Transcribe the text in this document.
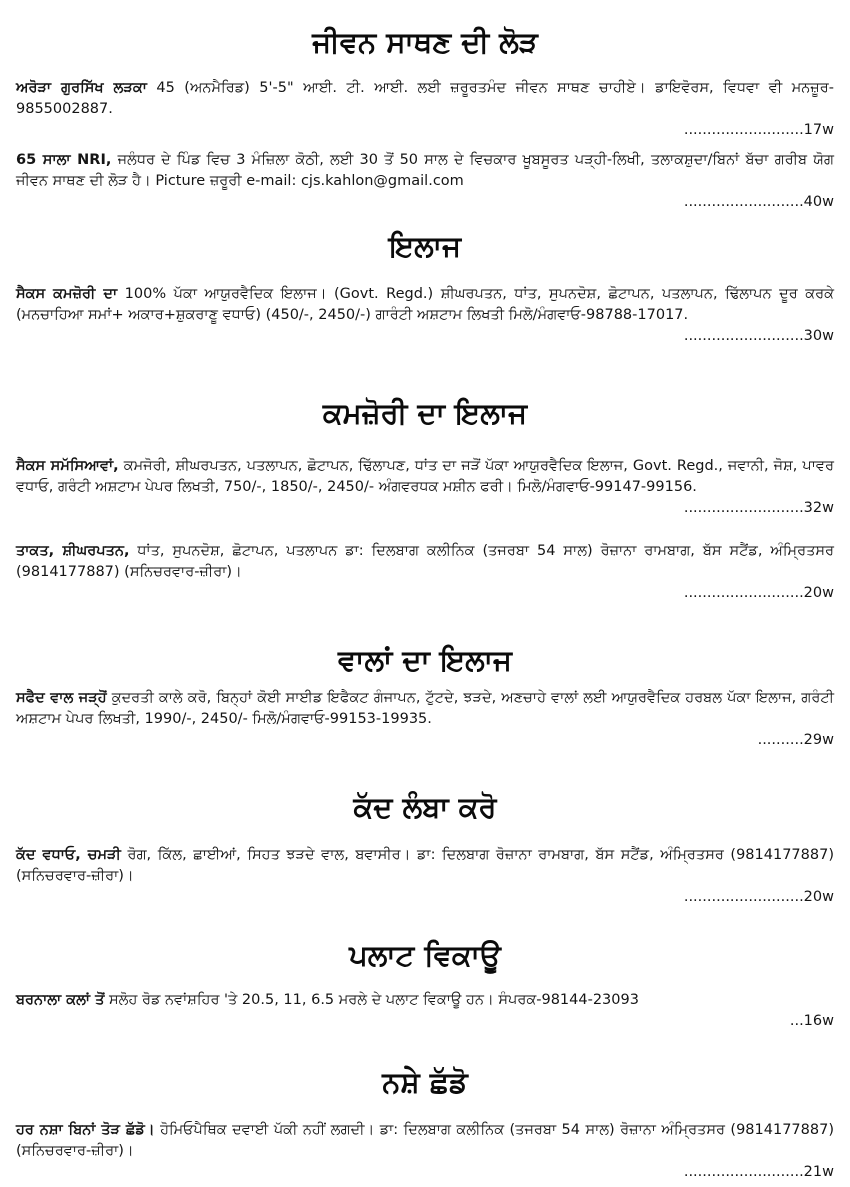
ਜੀਵਨ ਸਾਥਣ ਦੀ ਲੋੜ
ਅਰੋੜਾ ਗੁਰਸਿੱਖ ਲੜਕਾ 45 (ਅਨਮੈਰਿਡ) 5'-5" ਆਈ. ਟੀ. ਆਈ. ਲਈ ਜ਼ਰੂਰਤਮੰਦ ਜੀਵਨ ਸਾਥਣ ਚਾਹੀਏ। ਡਾਇਵੋਰਸ, ਵਿਧਵਾ ਵੀ ਮਨਜ਼ੂਰ- 9855002887.
..........................17w
65 ਸਾਲਾ NRI, ਜਲੰਧਰ ਦੇ ਪਿੰਡ ਵਿਚ 3 ਮੰਜ਼ਿਲਾ ਕੋਠੀ, ਲਈ 30 ਤੋਂ 50 ਸਾਲ ਦੇ ਵਿਚਕਾਰ ਖੂਬਸੂਰਤ ਪੜ੍ਹੀ-ਲਿਖੀ, ਤਲਾਕਸ਼ੁਦਾ/ਬਿਨਾਂ ਬੱਚਾ ਗਰੀਬ ਯੋਗ ਜੀਵਨ ਸਾਥਣ ਦੀ ਲੋੜ ਹੈ। Picture ਜ਼ਰੂਰੀ e-mail: cjs.kahlon@gmail.com
..........................40w
ਇਲਾਜ
ਸੈਕਸ ਕਮਜ਼ੋਰੀ ਦਾ 100% ਪੱਕਾ ਆਯੁਰਵੈਦਿਕ ਇਲਾਜ। (Govt. Regd.) ਸ਼ੀਘਰਪਤਨ, ਧਾਂਤ, ਸੁਪਨਦੋਸ਼, ਛੋਟਾਪਨ, ਪਤਲਾਪਨ, ਢਿੱਲਾਪਨ ਦੂਰ ਕਰਕੇ (ਮਨਚਾਹਿਆ ਸਮਾਂ+ ਅਕਾਰ+ਸ਼ੁਕਰਾਣੂ ਵਧਾਓ) (450/-, 2450/-) ਗਾਰੰਟੀ ਅਸ਼ਟਾਮ ਲਿਖਤੀ ਮਿਲੋ/ਮੰਗਵਾਓ-98788-17017.
..........................30w
ਕਮਜ਼ੋਰੀ ਦਾ ਇਲਾਜ
ਸੈਕਸ ਸਮੱਸਿਆਵਾਂ, ਕਮਜੋਰੀ, ਸ਼ੀਘਰਪਤਨ, ਪਤਲਾਪਨ, ਛੋਟਾਪਨ, ਢਿੱਲਾਪਣ, ਧਾਂਤ ਦਾ ਜੜੋਂ ਪੱਕਾ ਆਯੁਰਵੈਦਿਕ ਇਲਾਜ, Govt. Regd., ਜਵਾਨੀ, ਜੋਸ਼, ਪਾਵਰ ਵਧਾਓ, ਗਰੰਟੀ ਅਸ਼ਟਾਮ ਪੇਪਰ ਲਿਖਤੀ, 750/-, 1850/-, 2450/- ਅੰਗਵਰਧਕ ਮਸ਼ੀਨ ਫਰੀ। ਮਿਲੋ/ਮੰਗਵਾਓ-99147-99156.
..........................32w
ਤਾਕਤ, ਸ਼ੀਘਰਪਤਨ, ਧਾਂਤ, ਸੁਪਨਦੋਸ਼, ਛੋਟਾਪਨ, ਪਤਲਾਪਨ ਡਾ: ਦਿਲਬਾਗ ਕਲੀਨਿਕ (ਤਜਰਬਾ 54 ਸਾਲ) ਰੋਜ਼ਾਨਾ ਰਾਮਬਾਗ, ਬੱਸ ਸਟੈਂਡ, ਅੰਮ੍ਰਿਤਸਰ (9814177887) (ਸਨਿਚਰਵਾਰ-ਜ਼ੀਰਾ)।
..........................20w
ਵਾਲਾਂ ਦਾ ਇਲਾਜ
ਸਫੈਦ ਵਾਲ ਜੜ੍ਹੋਂ ਕੁਦਰਤੀ ਕਾਲੇ ਕਰੋ, ਬਿਨ੍ਹਾਂ ਕੋਈ ਸਾਈਡ ਇਫੈਕਟ ਗੰਜਾਪਨ, ਟੁੱਟਦੇ, ਝੜਦੇ, ਅਣਚਾਹੇ ਵਾਲਾਂ ਲਈ ਆਯੁਰਵੈਦਿਕ ਹਰਬਲ ਪੱਕਾ ਇਲਾਜ, ਗਰੰਟੀ ਅਸ਼ਟਾਮ ਪੇਪਰ ਲਿਖਤੀ, 1990/-, 2450/- ਮਿਲੋ/ਮੰਗਵਾਓ-99153-19935.
..........29w
ਕੱਦ ਲੰਬਾ ਕਰੋ
ਕੱਦ ਵਧਾਓ, ਚਮੜੀ ਰੋਗ, ਕਿੱਲ, ਛਾਈਆਂ, ਸਿਹਤ ਝੜਦੇ ਵਾਲ, ਬਵਾਸੀਰ। ਡਾ: ਦਿਲਬਾਗ ਰੋਜ਼ਾਨਾ ਰਾਮਬਾਗ, ਬੱਸ ਸਟੈਂਡ, ਅੰਮ੍ਰਿਤਸਰ (9814177887) (ਸਨਿਚਰਵਾਰ-ਜ਼ੀਰਾ)।
..........................20w
ਪਲਾਟ ਵਿਕਾਊ
ਬਰਨਾਲਾ ਕਲਾਂ ਤੋਂ ਸਲੋਹ ਰੋਡ ਨਵਾਂਸ਼ਹਿਰ 'ਤੇ 20.5, 11, 6.5 ਮਰਲੇ ਦੇ ਪਲਾਟ ਵਿਕਾਊ ਹਨ। ਸੰਪਰਕ-98144-23093
...16w
ਨਸ਼ੇ ਛੱਡੋ
ਹਰ ਨਸ਼ਾ ਬਿਨਾਂ ਤੋੜ ਛੱਡੋ। ਹੋਮਿਓਪੈਥਿਕ ਦਵਾਈ ਪੱਕੀ ਨਹੀਂ ਲਗਦੀ। ਡਾ: ਦਿਲਬਾਗ ਕਲੀਨਿਕ (ਤਜਰਬਾ 54 ਸਾਲ) ਰੋਜ਼ਾਨਾ ਅੰਮ੍ਰਿਤਸਰ (9814177887) (ਸਨਿਚਰਵਾਰ-ਜ਼ੀਰਾ)।
..........................21w
